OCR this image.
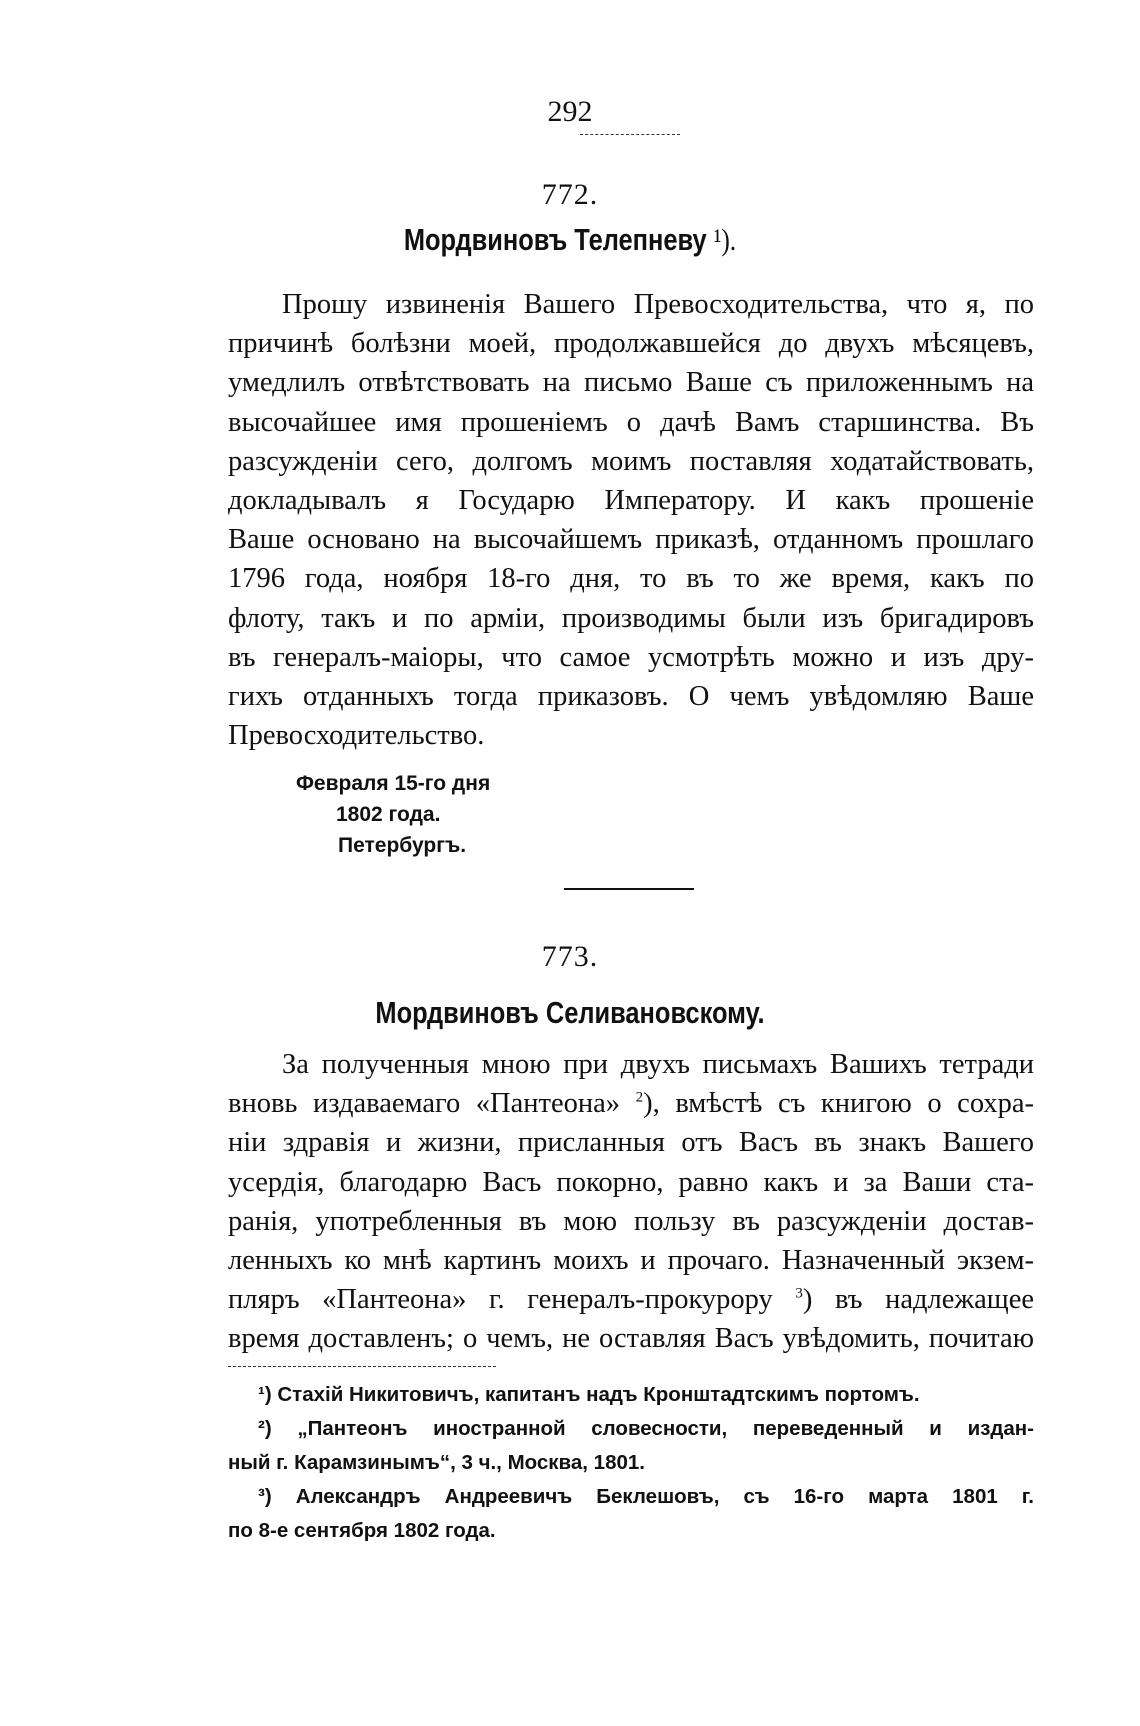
292
772.
Мордвиновъ Телепневу ¹).
Прошу извиненія Вашего Превосходительства, что я, по
причинѣ болѣзни моей, продолжавшейся до двухъ мѣсяцевъ,
умедлилъ отвѣтствовать на письмо Ваше съ приложеннымъ на
высочайшее имя прошеніемъ о дачѣ Вамъ старшинства. Въ
разсужденіи сего, долгомъ моимъ поставляя ходатайствовать,
докладывалъ я Государю Императору. И какъ прошеніе
Ваше основано на высочайшемъ приказѣ, отданномъ прошлаго
1796 года, ноября 18-го дня, то въ то же время, какъ по
флоту, такъ и по арміи, производимы были изъ бригадировъ
въ генералъ-маіоры, что самое усмотрѣть можно и изъ дру-
гихъ отданныхъ тогда приказовъ. О чемъ увѣдомляю Ваше
Превосходительство.
Февраля 15-го дня
1802 года.
Петербургъ.
773.
Мордвиновъ Селивановскому.
За полученныя мною при двухъ письмахъ Вашихъ тетради
вновь издаваемаго «Пантеона» $^2$), вмѣстѣ съ книгою о сохра-
ніи здравія и жизни, присланныя отъ Васъ въ знакъ Вашего
усердія, благодарю Васъ покорно, равно какъ и за Ваши ста-
ранія, употребленныя въ мою пользу въ разсужденіи достав-
ленныхъ ко мнѣ картинъ моихъ и прочаго. Назначенный экзем-
пляръ «Пантеона» г. генералъ-прокурору $^3$) въ надлежащее
время доставленъ; о чемъ, не оставляя Васъ увѣдомить, почитаю
¹) Стахій Никитовичъ, капитанъ надъ Кронштадтскимъ портомъ.
²) „Пантеонъ иностранной словесности, переведенный и издан-
ный г. Карамзинымъ“, 3 ч., Москва, 1801.
³) Александръ Андреевичъ Беклешовъ, съ 16-го марта 1801 г.
по 8-е сентября 1802 года.
